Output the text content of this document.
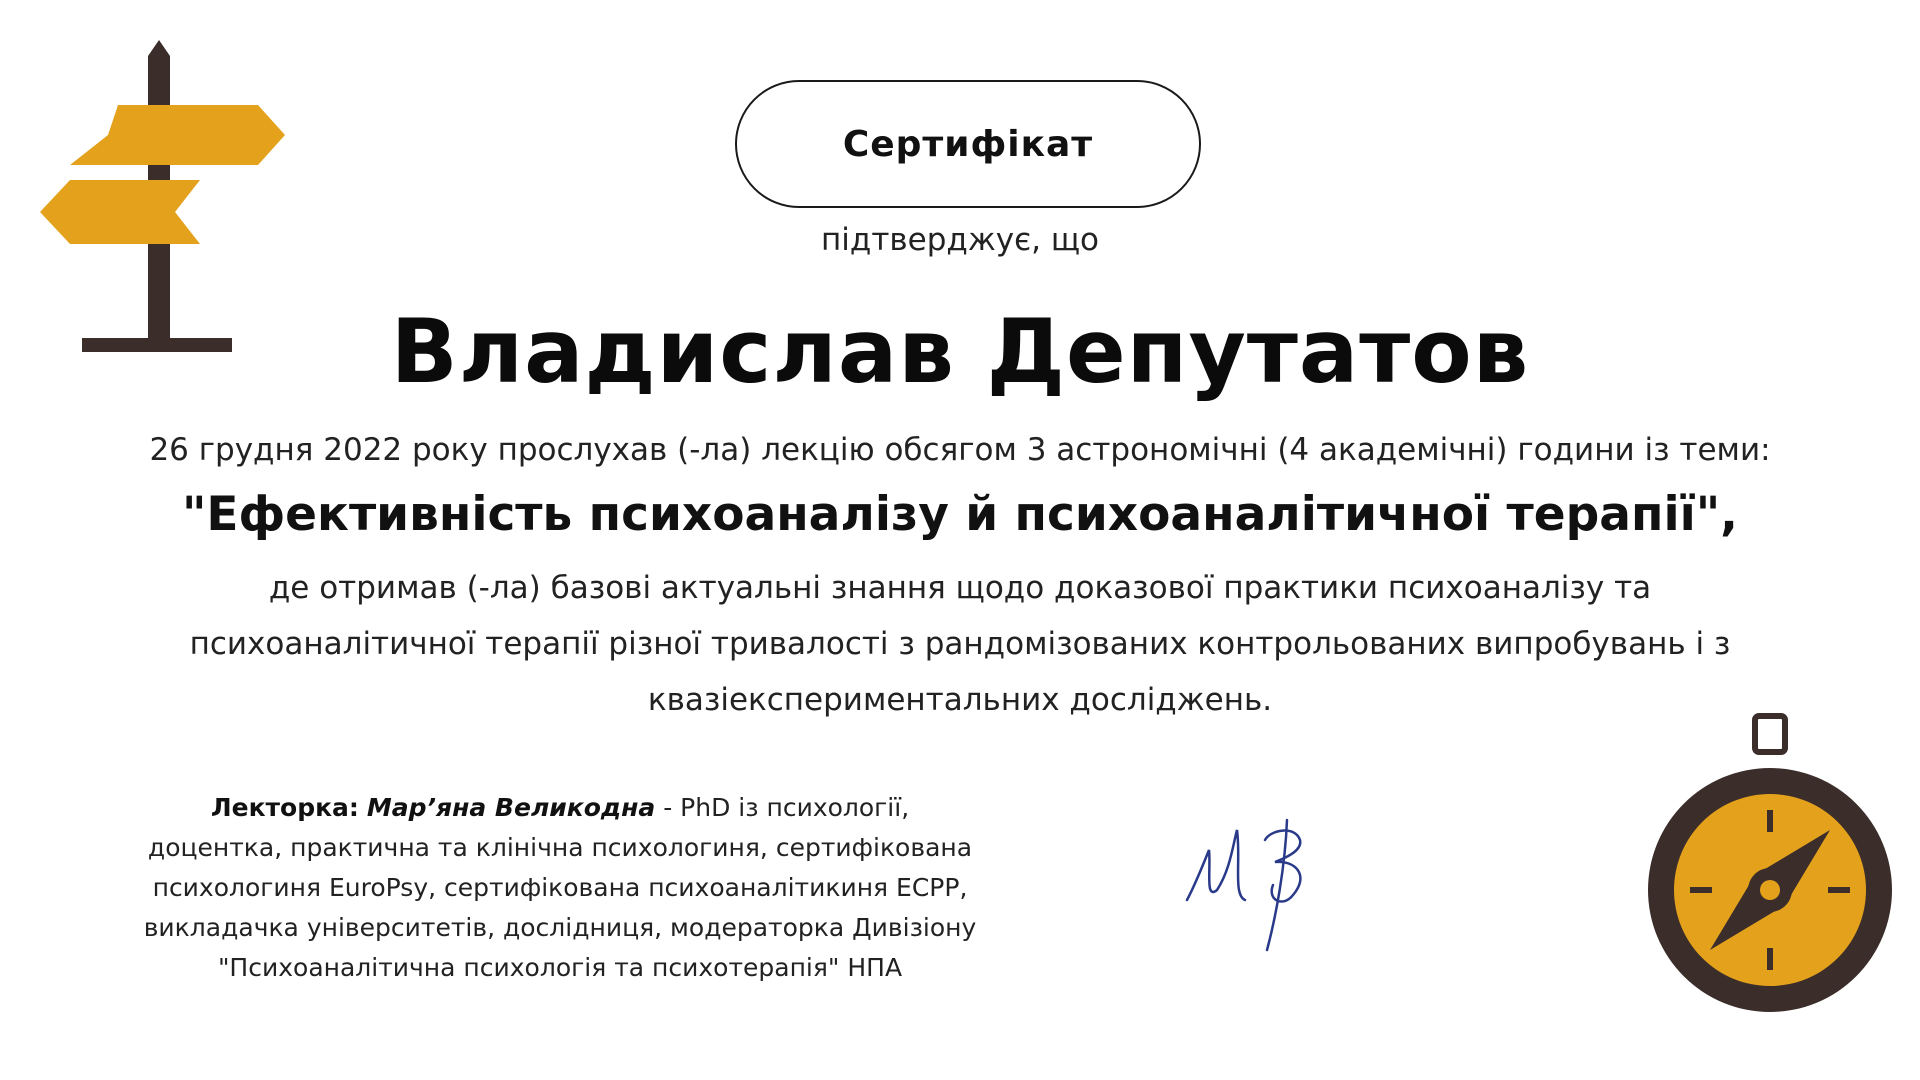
Сертифікат
підтверджує, що
Владислав Депутатов
26 грудня 2022 року прослухав (-ла) лекцію обсягом 3 астрономічні (4 академічні) години із теми:
"Ефективність психоаналізу й психоаналітичної терапії",
де отримав (-ла) базові актуальні знання щодо доказової практики психоаналізу та психоаналітичної терапії різної тривалості з рандомізованих контрольованих випробувань і з квазіекспериментальних досліджень.
Лекторка: Мар’яна Великодна - PhD із психології, доцентка, практична та клінічна психологиня, сертифікована психологиня EuroPsy, сертифікована психоаналітикиня ЕСРР, викладачка університетів, дослідниця, модераторка Дивізіону "Психоаналітична психологія та психотерапія" НПА
